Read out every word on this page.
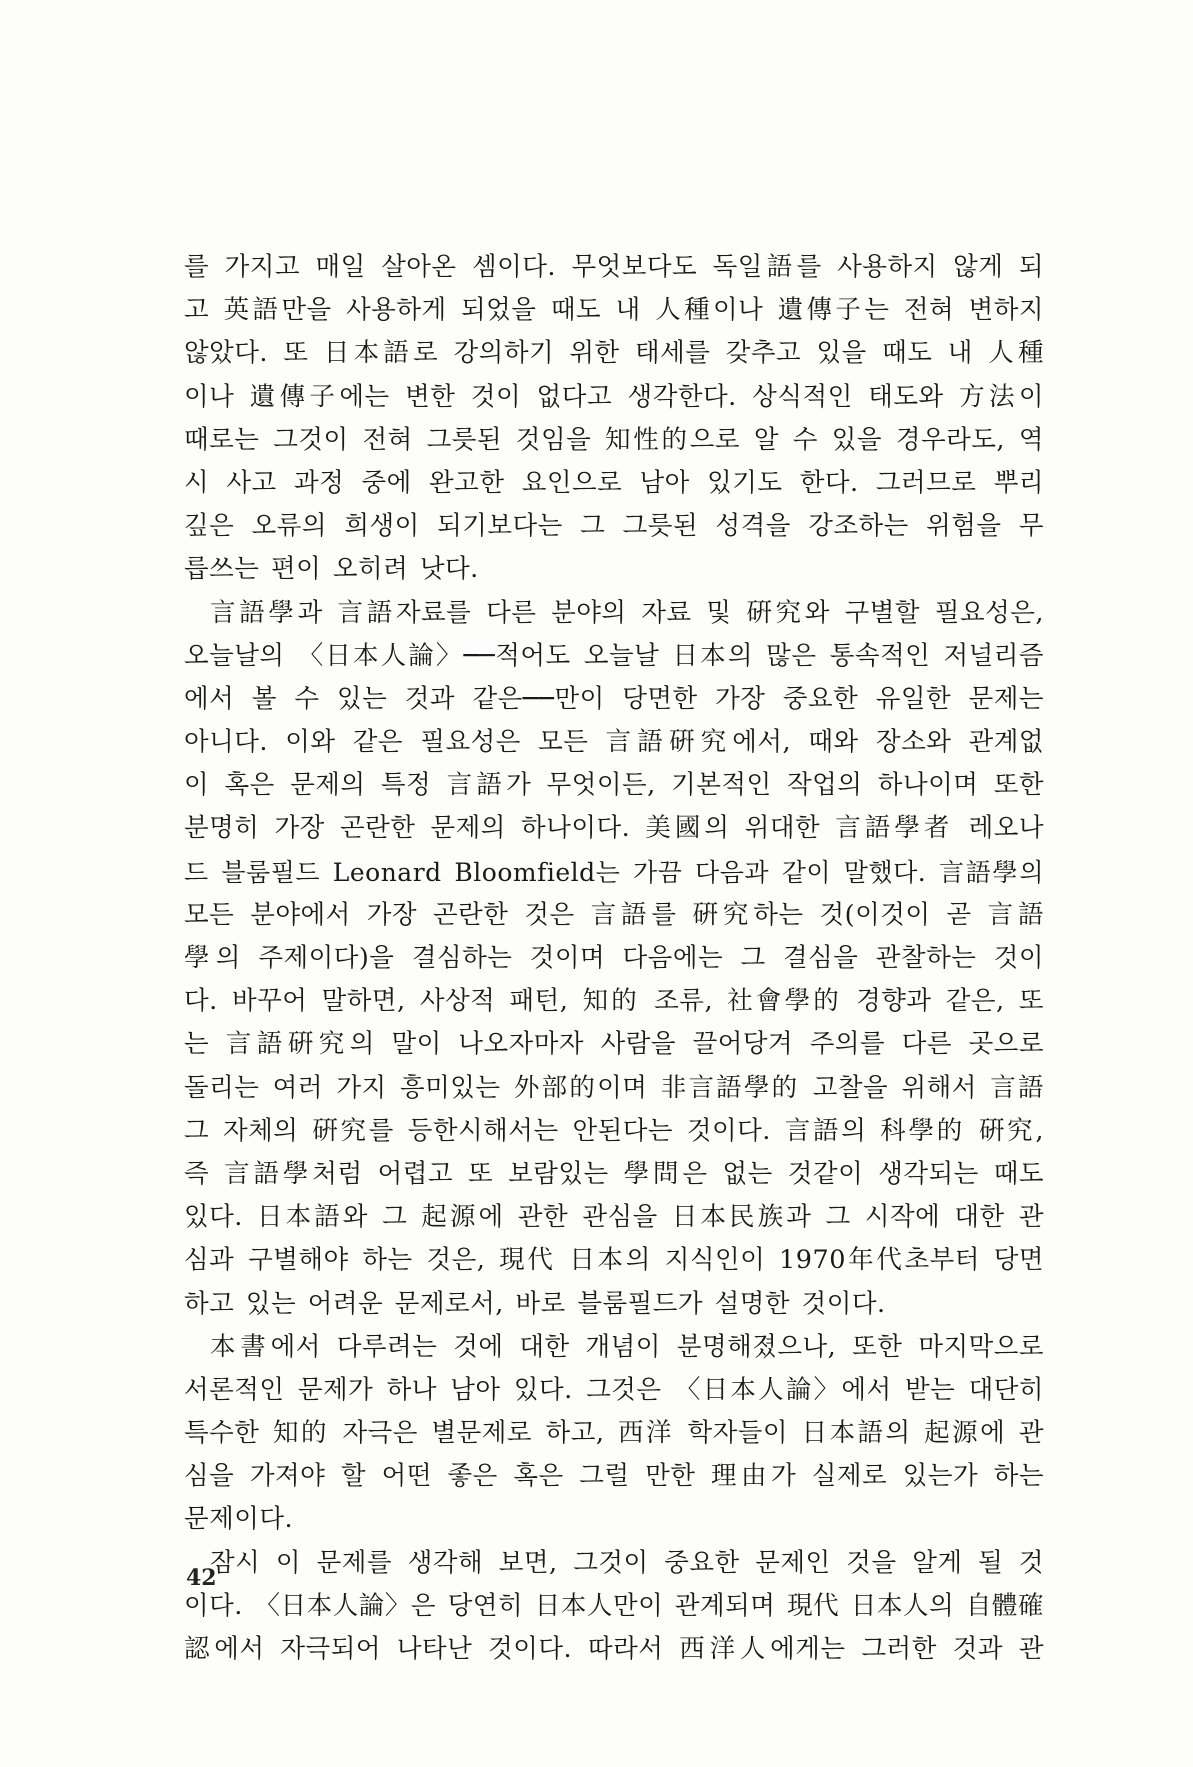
를 가지고 매일 살아온 셈이다. 무엇보다도 독일語를 사용하지 않게 되
고 英語만을 사용하게 되었을 때도 내 人種이나 遺傳子는 전혀 변하지
않았다. 또 日本語로 강의하기 위한 태세를 갖추고 있을 때도 내 人種
이나 遺傳子에는 변한 것이 없다고 생각한다. 상식적인 태도와 方法이
때로는 그것이 전혀 그릇된 것임을 知性的으로 알 수 있을 경우라도, 역
시 사고 과정 중에 완고한 요인으로 남아 있기도 한다. 그러므로 뿌리
깊은 오류의 희생이 되기보다는 그 그릇된 성격을 강조하는 위험을 무
릅쓰는 편이 오히려 낫다.
言語學과 言語자료를 다른 분야의 자료 및 硏究와 구별할 필요성은,
오늘날의 〈日本人論〉──적어도 오늘날 日本의 많은 통속적인 저널리즘
에서 볼 수 있는 것과 같은──만이 당면한 가장 중요한 유일한 문제는
아니다. 이와 같은 필요성은 모든 言語硏究에서, 때와 장소와 관계없
이 혹은 문제의 특정 言語가 무엇이든, 기본적인 작업의 하나이며 또한
분명히 가장 곤란한 문제의 하나이다. 美國의 위대한 言語學者 레오나
드 블룸필드 Leonard Bloomfield는 가끔 다음과 같이 말했다. 言語學의
모든 분야에서 가장 곤란한 것은 言語를 硏究하는 것(이것이 곧 言語
學의 주제이다)을 결심하는 것이며 다음에는 그 결심을 관찰하는 것이
다. 바꾸어 말하면, 사상적 패턴, 知的 조류, 社會學的 경향과 같은, 또
는 言語硏究의 말이 나오자마자 사람을 끌어당겨 주의를 다른 곳으로
돌리는 여러 가지 흥미있는 外部的이며 非言語學的 고찰을 위해서 言語
그 자체의 硏究를 등한시해서는 안된다는 것이다. 言語의 科學的 硏究,
즉 言語學처럼 어렵고 또 보람있는 學問은 없는 것같이 생각되는 때도
있다. 日本語와 그 起源에 관한 관심을 日本民族과 그 시작에 대한 관
심과 구별해야 하는 것은, 現代 日本의 지식인이 1970年代초부터 당면
하고 있는 어려운 문제로서, 바로 블룸필드가 설명한 것이다.
本書에서 다루려는 것에 대한 개념이 분명해졌으나, 또한 마지막으로
서론적인 문제가 하나 남아 있다. 그것은 〈日本人論〉에서 받는 대단히
특수한 知的 자극은 별문제로 하고, 西洋 학자들이 日本語의 起源에 관
심을 가져야 할 어떤 좋은 혹은 그럴 만한 理由가 실제로 있는가 하는
문제이다.
잠시 이 문제를 생각해 보면, 그것이 중요한 문제인 것을 알게 될 것
이다. 〈日本人論〉은 당연히 日本人만이 관계되며 現代 日本人의 自體確
認에서 자극되어 나타난 것이다. 따라서 西洋人에게는 그러한 것과 관
42
